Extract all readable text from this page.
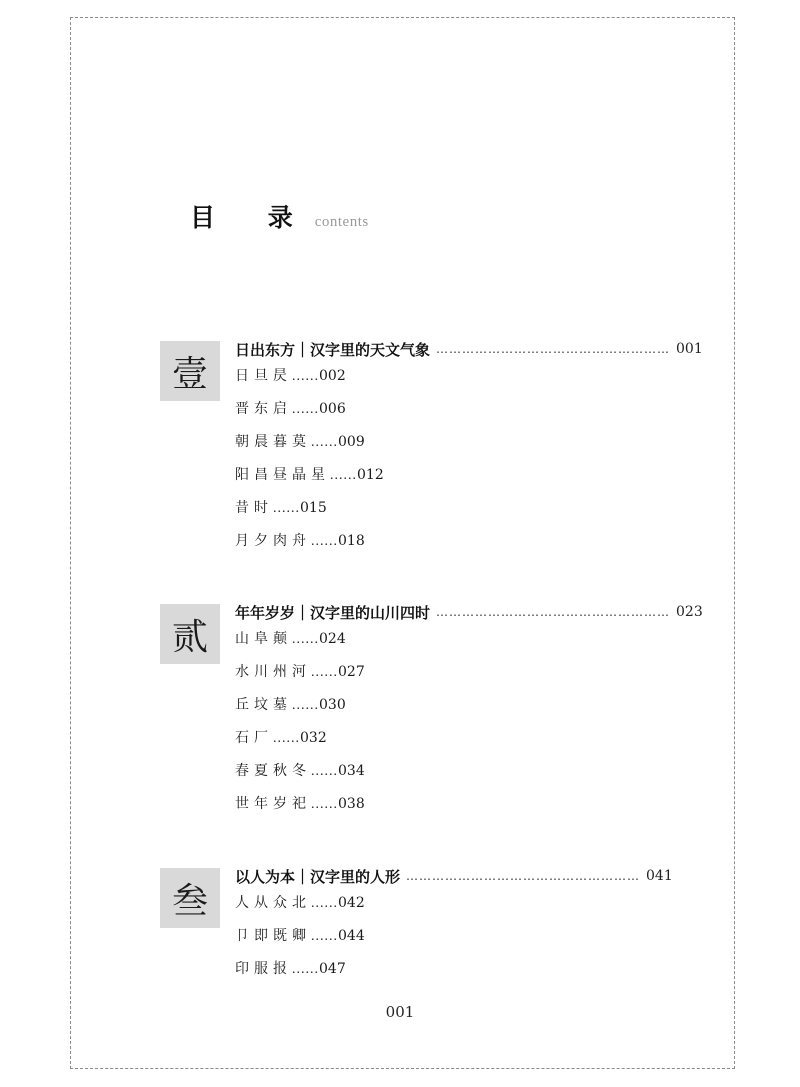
目 录 contents
壹
日出东方｜汉字里的天文气象 ……………………………………………… 001
日旦昃......002
晋东启......006
朝晨暮莫......009
阳昌昼晶星......012
昔时......015
月夕肉舟......018
贰
年年岁岁｜汉字里的山川四时 ……………………………………………… 023
山阜颠......024
水川州河......027
丘坟墓......030
石厂......032
春夏秋冬......034
世年岁祀......038
叁
以人为本｜汉字里的人形 ……………………………………………… 041
人从众北......042
卩即既卿......044
印服报......047
001
